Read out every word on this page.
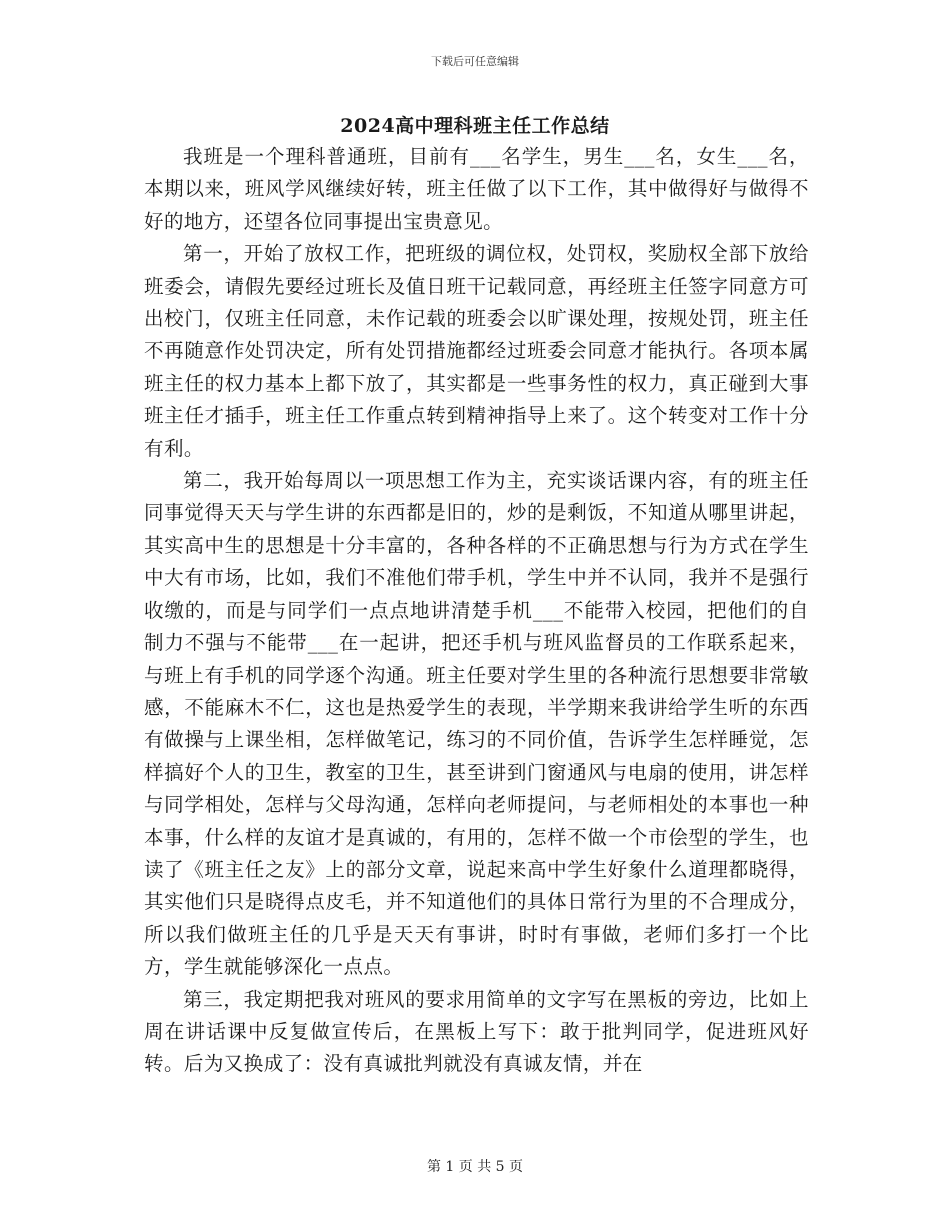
下载后可任意编辑
2024高中理科班主任工作总结

我班是一个理科普通班，目前有___名学生，男生___名，女生___名，本期以来，班风学风继续好转，班主任做了以下工作，其中做得好与做得不好的地方，还望各位同事提出宝贵意见。

第一，开始了放权工作，把班级的调位权，处罚权，奖励权全部下放给班委会，请假先要经过班长及值日班干记载同意，再经班主任签字同意方可出校门，仅班主任同意，未作记载的班委会以旷课处理，按规处罚，班主任不再随意作处罚决定，所有处罚措施都经过班委会同意才能执行。各项本属班主任的权力基本上都下放了，其实都是一些事务性的权力，真正碰到大事班主任才插手，班主任工作重点转到精神指导上来了。这个转变对工作十分有利。

第二，我开始每周以一项思想工作为主，充实谈话课内容，有的班主任同事觉得天天与学生讲的东西都是旧的，炒的是剩饭，不知道从哪里讲起，其实高中生的思想是十分丰富的，各种各样的不正确思想与行为方式在学生中大有市场，比如，我们不准他们带手机，学生中并不认同，我并不是强行收缴的，而是与同学们一点点地讲清楚手机___不能带入校园，把他们的自制力不强与不能带___在一起讲，把还手机与班风监督员的工作联系起来，与班上有手机的同学逐个沟通。班主任要对学生里的各种流行思想要非常敏感，不能麻木不仁，这也是热爱学生的表现，半学期来我讲给学生听的东西有做操与上课坐相，怎样做笔记，练习的不同价值，告诉学生怎样睡觉，怎样搞好个人的卫生，教室的卫生，甚至讲到门窗通风与电扇的使用，讲怎样与同学相处，怎样与父母沟通，怎样向老师提问，与老师相处的本事也一种本事，什么样的友谊才是真诚的，有用的，怎样不做一个市侩型的学生，也读了《班主任之友》上的部分文章，说起来高中学生好象什么道理都晓得，其实他们只是晓得点皮毛，并不知道他们的具体日常行为里的不合理成分，所以我们做班主任的几乎是天天有事讲，时时有事做，老师们多打一个比方，学生就能够深化一点点。

第三，我定期把我对班风的要求用简单的文字写在黑板的旁边，比如上周在讲话课中反复做宣传后，在黑板上写下：敢于批判同学，促进班风好转。后为又换成了：没有真诚批判就没有真诚友情，并在

第 1 页 共 5 页
